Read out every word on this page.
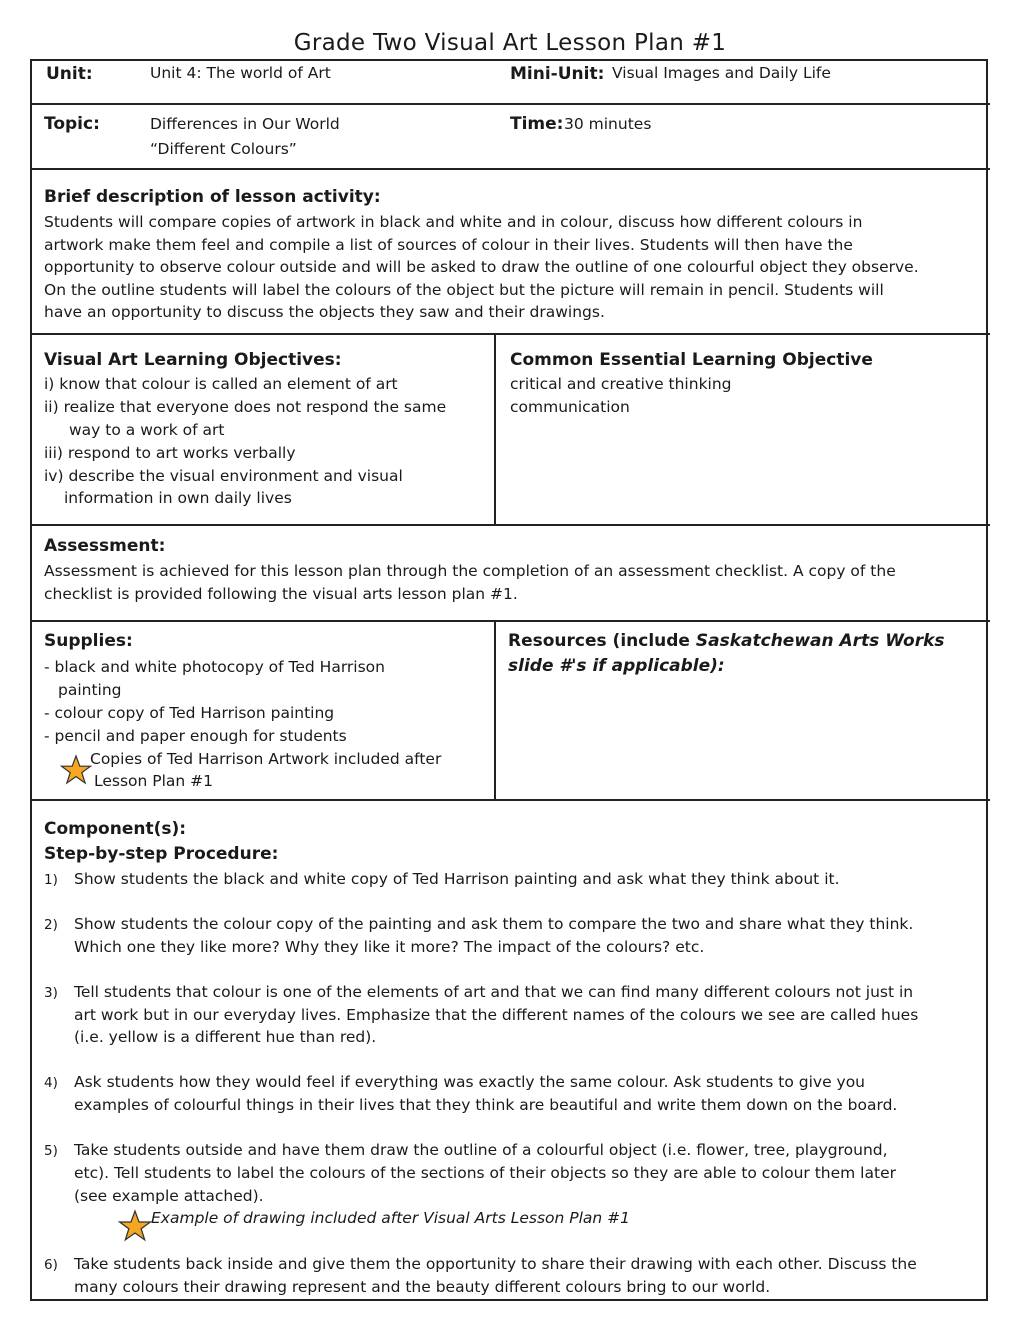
Grade Two Visual Art Lesson Plan #1
Unit:	Unit 4: The world of Art	Mini-Unit: Visual Images and Daily Life
Topic:	Differences in Our World
“Different Colours”
Time: 30 minutes
Brief description of lesson activity:
Students will compare copies of artwork in black and white and in colour, discuss how different colours in
artwork make them feel and compile a list of sources of colour in their lives. Students will then have the
opportunity to observe colour outside and will be asked to draw the outline of one colourful object they observe.
On the outline students will label the colours of the object but the picture will remain in pencil. Students will
have an opportunity to discuss the objects they saw and their drawings.
Visual Art Learning Objectives:
i) know that colour is called an element of art
ii) realize that everyone does not respond the same
way to a work of art
iii) respond to art works verbally
iv) describe the visual environment and visual
information in own daily lives
Common Essential Learning Objective
critical and creative thinking
communication
Assessment:
Assessment is achieved for this lesson plan through the completion of an assessment checklist. A copy of the
checklist is provided following the visual arts lesson plan #1.
Supplies:
- black and white photocopy of Ted Harrison
painting
- colour copy of Ted Harrison painting
- pencil and paper enough for students
Copies of Ted Harrison Artwork included after
Lesson Plan #1
Resources (include Saskatchewan Arts Works
slide #'s if applicable):
Component(s):
Step-by-step Procedure:
1) Show students the black and white copy of Ted Harrison painting and ask what they think about it.
2) Show students the colour copy of the painting and ask them to compare the two and share what they think.
Which one they like more? Why they like it more? The impact of the colours? etc.
3) Tell students that colour is one of the elements of art and that we can find many different colours not just in
art work but in our everyday lives. Emphasize that the different names of the colours we see are called hues
(i.e. yellow is a different hue than red).
4) Ask students how they would feel if everything was exactly the same colour. Ask students to give you
examples of colourful things in their lives that they think are beautiful and write them down on the board.
5) Take students outside and have them draw the outline of a colourful object (i.e. flower, tree, playground,
etc). Tell students to label the colours of the sections of their objects so they are able to colour them later
(see example attached).
Example of drawing included after Visual Arts Lesson Plan #1
6) Take students back inside and give them the opportunity to share their drawing with each other. Discuss the
many colours their drawing represent and the beauty different colours bring to our world.
